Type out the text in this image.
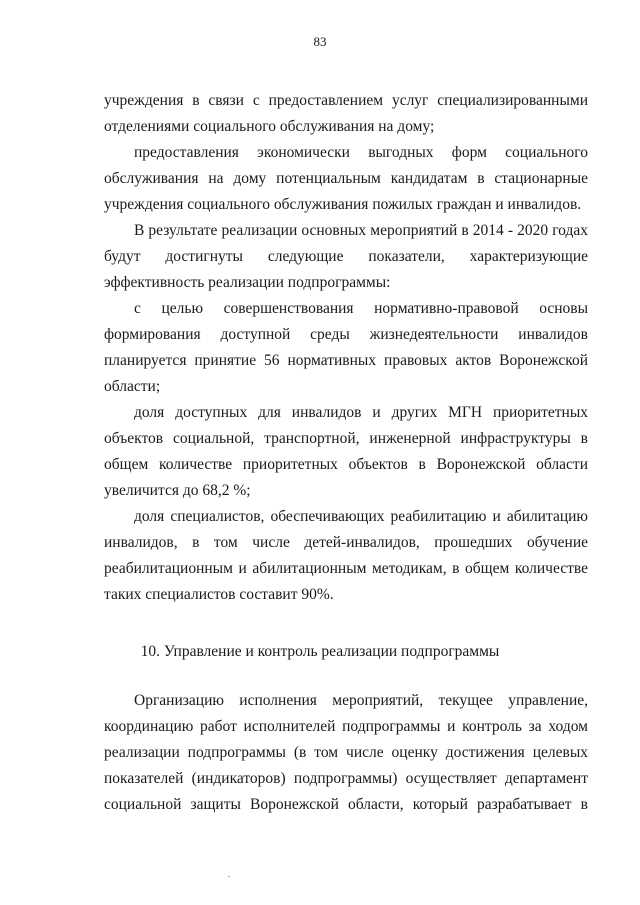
83

учреждения в связи с предоставлением услуг специализированными отделениями социального обслуживания на дому;

предоставления экономически выгодных форм социального обслуживания на дому потенциальным кандидатам в стационарные учреждения социального обслуживания пожилых граждан и инвалидов.

В результате реализации основных мероприятий в 2014 - 2020 годах будут достигнуты следующие показатели, характеризующие эффективность реализации подпрограммы:

с целью совершенствования нормативно-правовой основы формирования доступной среды жизнедеятельности инвалидов планируется принятие 56 нормативных правовых актов Воронежской области;

доля доступных для инвалидов и других МГН приоритетных объектов социальной, транспортной, инженерной инфраструктуры в общем количестве приоритетных объектов в Воронежской области увеличится до 68,2 %;

доля специалистов, обеспечивающих реабилитацию и абилитацию инвалидов, в том числе детей-инвалидов, прошедших обучение реабилитационным и абилитационным методикам, в общем количестве таких специалистов составит 90%.

10. Управление и контроль реализации подпрограммы

Организацию исполнения мероприятий, текущее управление, координацию работ исполнителей подпрограммы и контроль за ходом реализации подпрограммы (в том числе оценку достижения целевых показателей (индикаторов) подпрограммы) осуществляет департамент социальной защиты Воронежской области, который разрабатывает в
